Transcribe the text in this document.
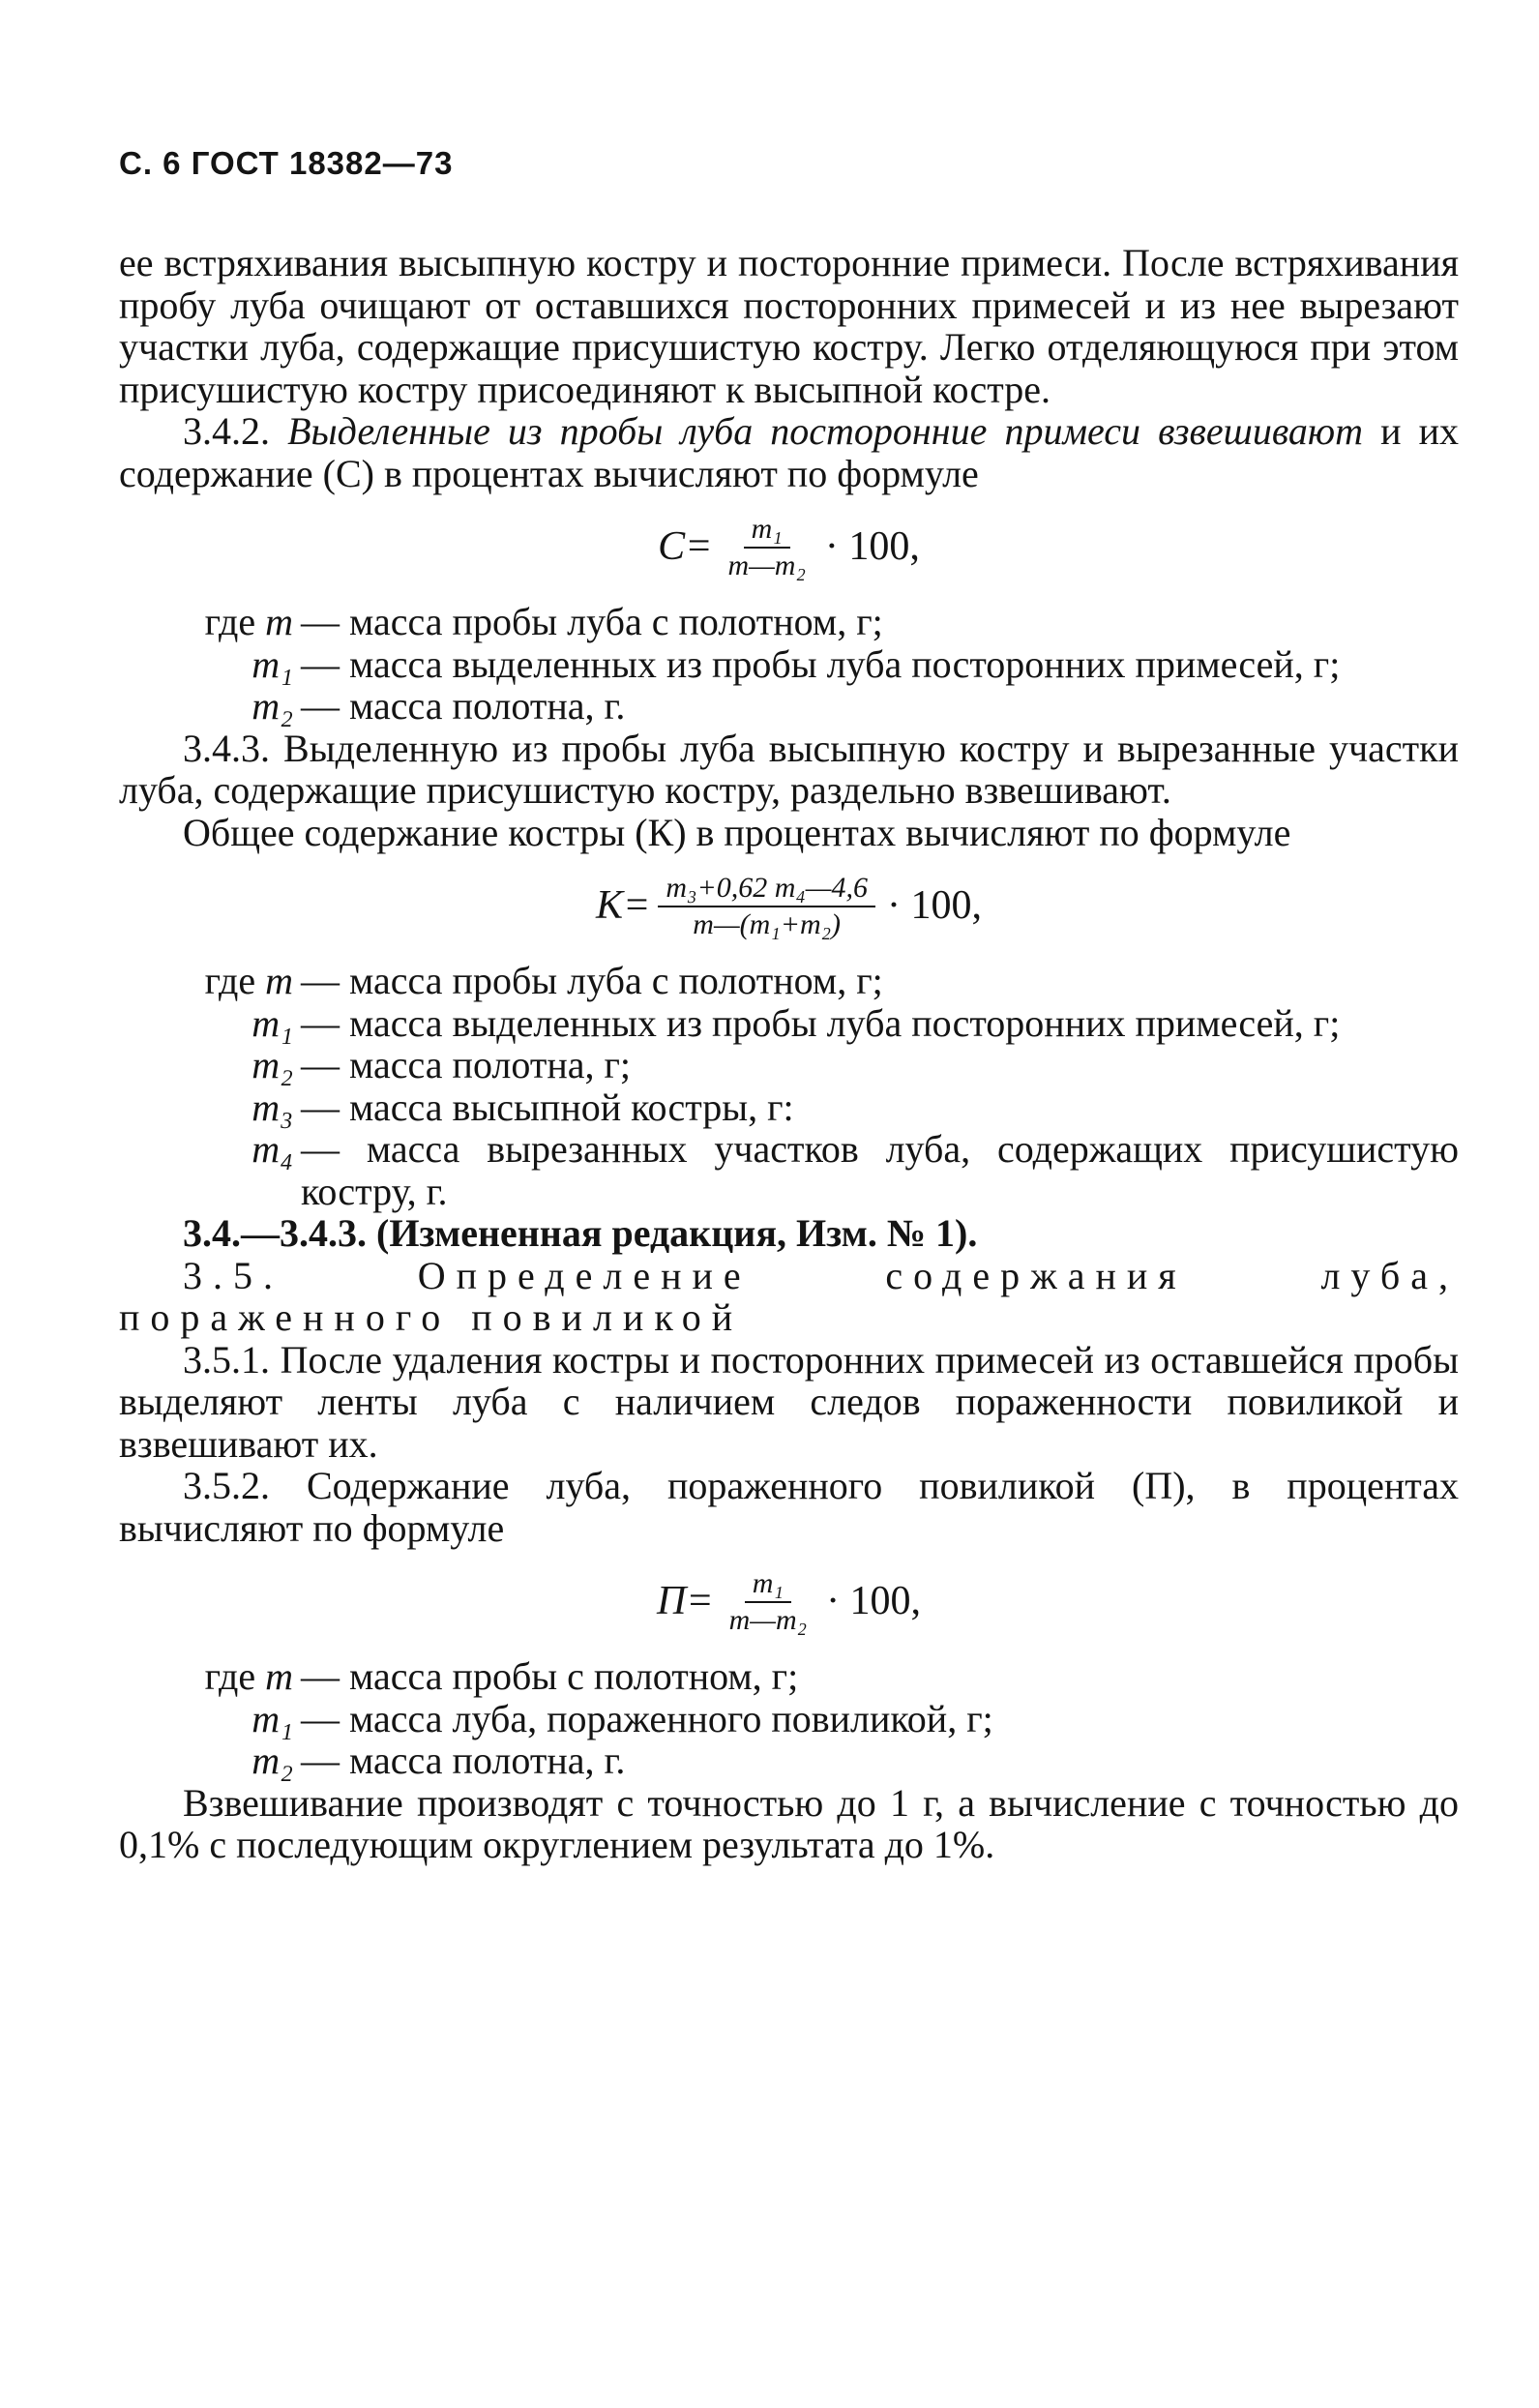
С. 6 ГОСТ 18382—73

ее встряхивания высыпную костру и посторонние примеси. После встряхивания пробу луба очищают от оставшихся посторонних примесей и из нее вырезают участки луба, содержащие присушистую костру. Легко отделяющуюся при этом присушистую костру присоединяют к высыпной костре.

3.4.2. Выделенные из пробы луба посторонние примеси взвешивают и их содержание (С) в процентах вычисляют по формуле

$C= \frac{\text{m₁}}{\text{m—m₂}} \cdot 100$,
где m — масса пробы луба с полотном, г;
m₁ — масса выделенных из пробы луба посторонних примесей, г;
m₂ — масса полотна, г.

3.4.3. Выделенную из пробы луба высыпную костру и вырезанные участки луба, содержащие присушистую костру, раздельно взвешивают.

Общее содержание костры (К) в процентах вычисляют по формуле

$K= \frac{\text{m₃+0,62 m₄—4,6}}{\text{m—(m₁+m₂)}} \cdot 100$,
где m — масса пробы луба с полотном, г;
m₁ — масса выделенных из пробы луба посторонних примесей, г;
m₂ — масса полотна, г;
m₃ — масса высыпной костры, г:
m₄ — масса вырезанных участков луба, содержащих присушистую костру, г.

3.4.—3.4.3. (Измененная редакция, Изм. № 1).

3.5. Определение содержания луба, пораженного повиликой

3.5.1. После удаления костры и посторонних примесей из оставшейся пробы выделяют ленты луба с наличием следов пораженности повиликой и взвешивают их.

3.5.2. Содержание луба, пораженного повиликой (П), в процентах вычисляют по формуле

$П= \frac{\text{m₁}}{\text{m—m₂}} \cdot 100$,
где m — масса пробы с полотном, г;
m₁ — масса луба, пораженного повиликой, г;
m₂ — масса полотна, г.

Взвешивание производят с точностью до 1 г, а вычисление с точностью до 0,1% с последующим округлением результата до 1%.
